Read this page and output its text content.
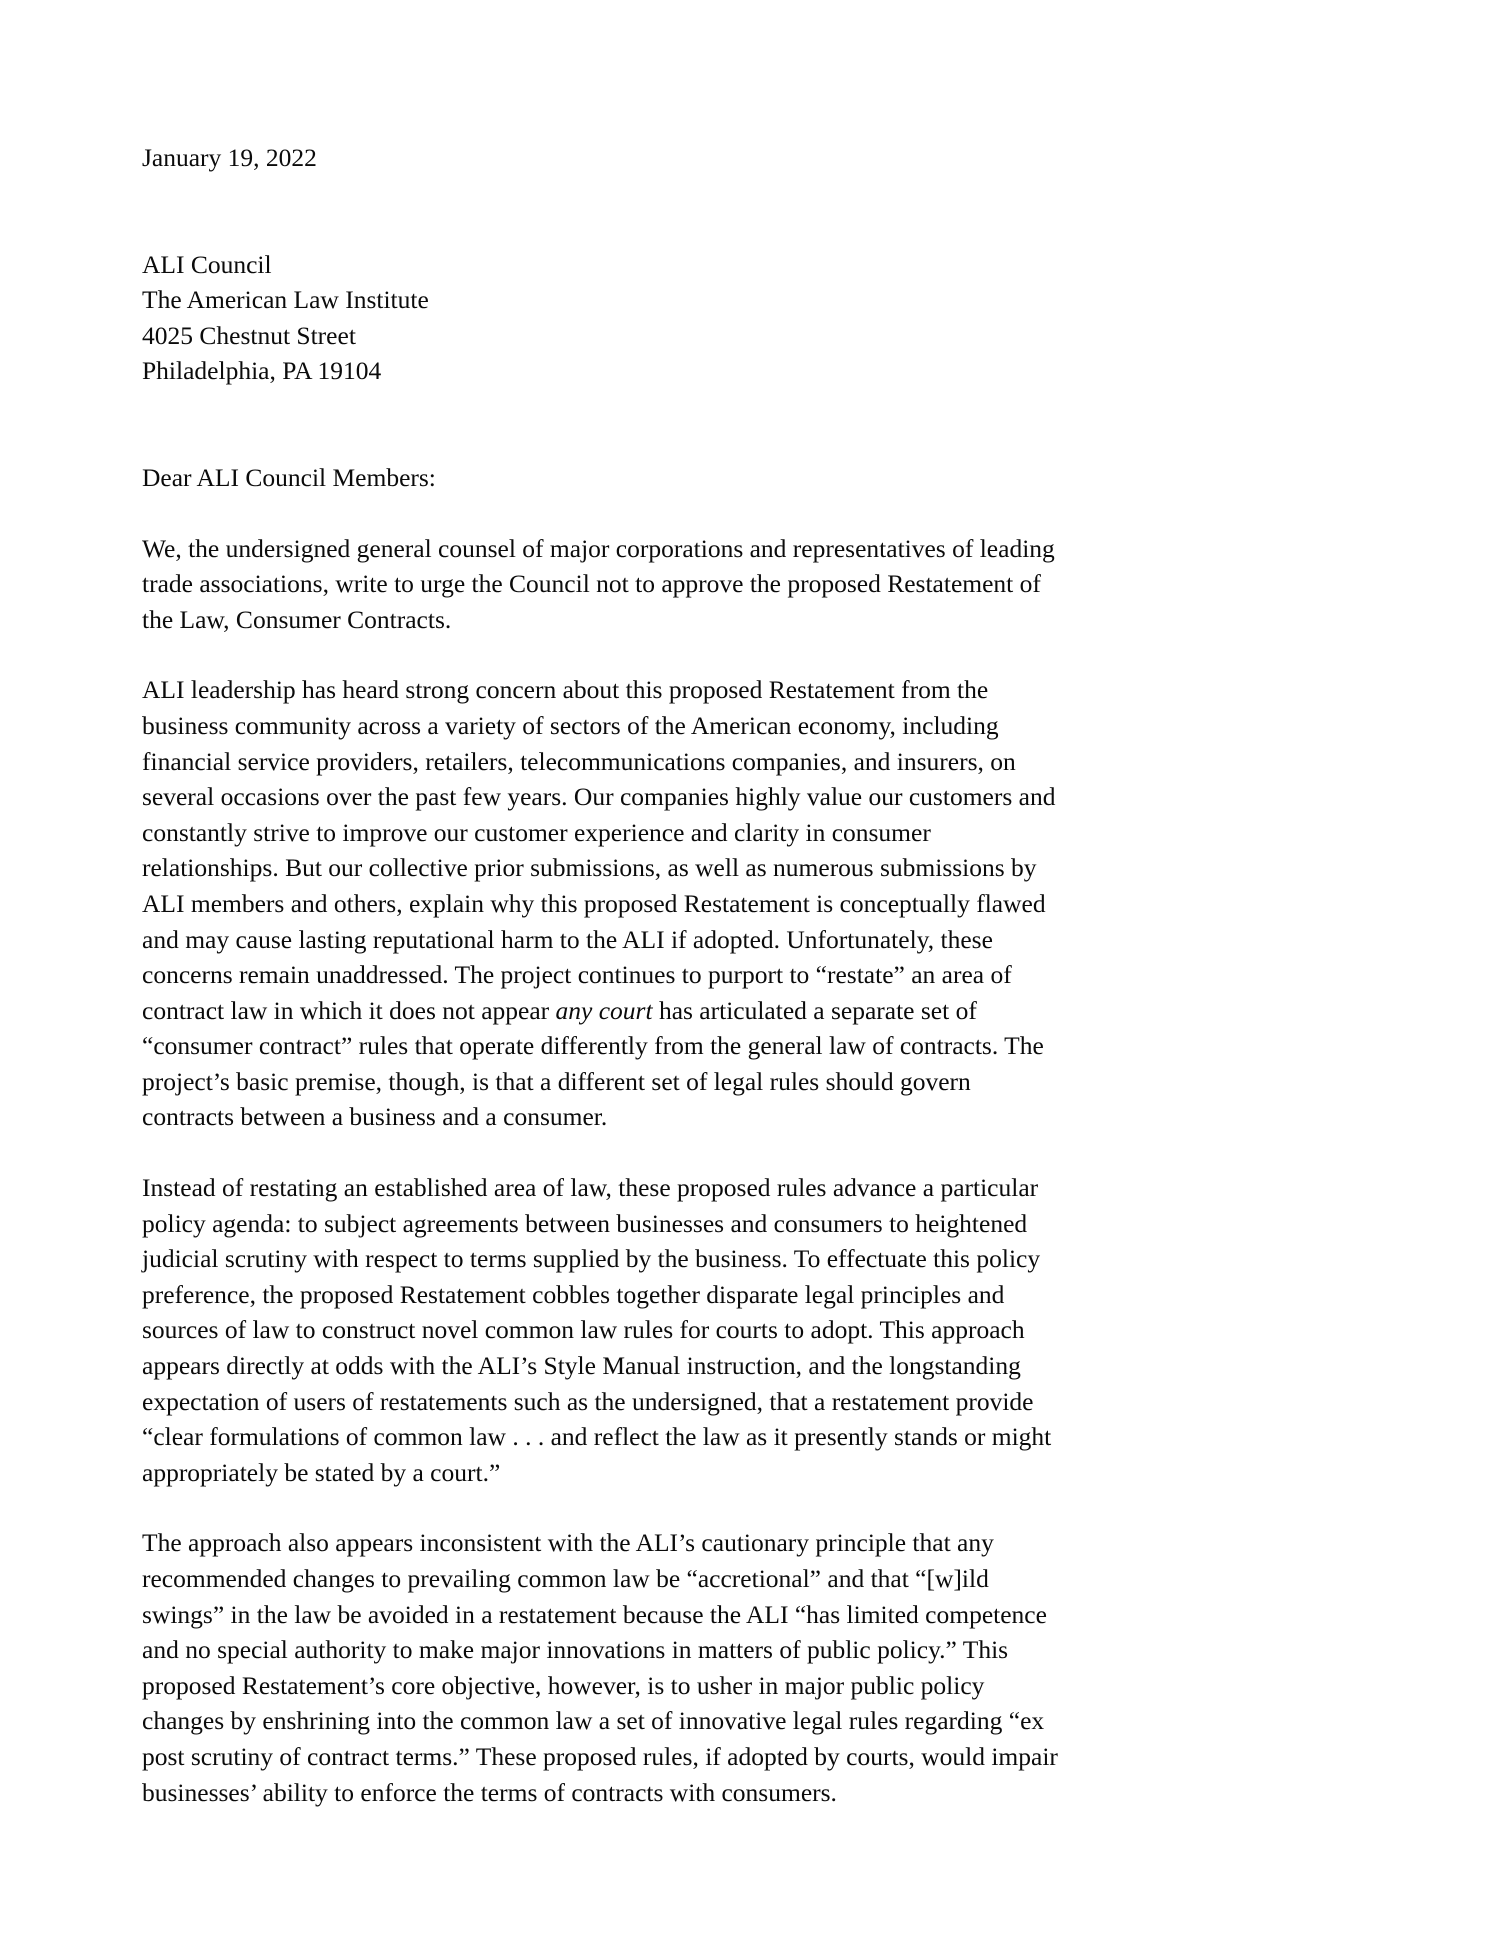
January 19, 2022
ALI Council
The American Law Institute
4025 Chestnut Street
Philadelphia, PA 19104
Dear ALI Council Members:

We, the undersigned general counsel of major corporations and representatives of leading trade associations, write to urge the Council not to approve the proposed Restatement of the Law, Consumer Contracts.

ALI leadership has heard strong concern about this proposed Restatement from the business community across a variety of sectors of the American economy, including financial service providers, retailers, telecommunications companies, and insurers, on several occasions over the past few years. Our companies highly value our customers and constantly strive to improve our customer experience and clarity in consumer relationships. But our collective prior submissions, as well as numerous submissions by ALI members and others, explain why this proposed Restatement is conceptually flawed and may cause lasting reputational harm to the ALI if adopted. Unfortunately, these concerns remain unaddressed. The project continues to purport to “restate” an area of contract law in which it does not appear any court has articulated a separate set of “consumer contract” rules that operate differently from the general law of contracts. The project’s basic premise, though, is that a different set of legal rules should govern contracts between a business and a consumer.

Instead of restating an established area of law, these proposed rules advance a particular policy agenda: to subject agreements between businesses and consumers to heightened judicial scrutiny with respect to terms supplied by the business. To effectuate this policy preference, the proposed Restatement cobbles together disparate legal principles and sources of law to construct novel common law rules for courts to adopt. This approach appears directly at odds with the ALI’s Style Manual instruction, and the longstanding expectation of users of restatements such as the undersigned, that a restatement provide “clear formulations of common law . . . and reflect the law as it presently stands or might appropriately be stated by a court.”

The approach also appears inconsistent with the ALI’s cautionary principle that any recommended changes to prevailing common law be “accretional” and that “[w]ild swings” in the law be avoided in a restatement because the ALI “has limited competence and no special authority to make major innovations in matters of public policy.” This proposed Restatement’s core objective, however, is to usher in major public policy changes by enshrining into the common law a set of innovative legal rules regarding “ex post scrutiny of contract terms.” These proposed rules, if adopted by courts, would impair businesses’ ability to enforce the terms of contracts with consumers.
